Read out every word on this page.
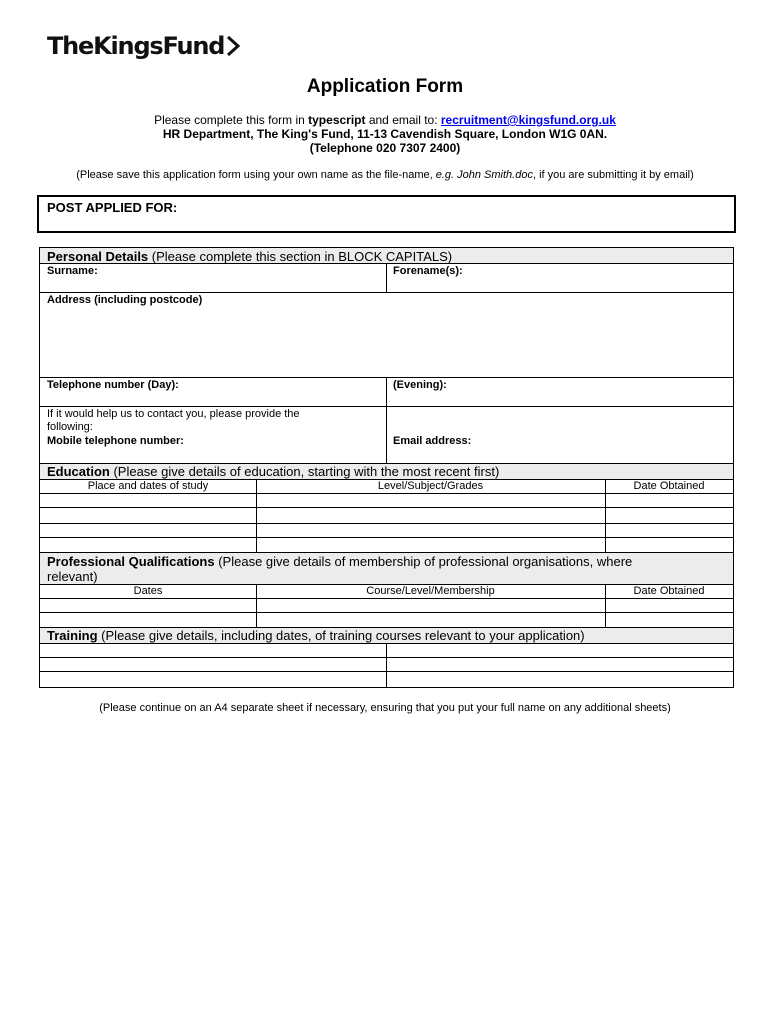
TheKingsFund
Application Form
Please complete this form in typescript and email to: recruitment@kingsfund.org.uk
HR Department, The King's Fund, 11-13 Cavendish Square, London W1G 0AN.
(Telephone 020 7307 2400)
(Please save this application form using your own name as the file-name, e.g. John Smith.doc, if you are submitting it by email)
POST APPLIED FOR:
Personal Details (Please complete this section in BLOCK CAPITALS)
Surname:	Forename(s):
Address (including postcode)
Telephone number (Day):	(Evening):
If it would help us to contact you, please provide the
following:
Mobile telephone number:	Email address:
Education (Please give details of education, starting with the most recent first)
Place and dates of study	Level/Subject/Grades	Date Obtained
Professional Qualifications (Please give details of membership of professional organisations, where
relevant)
Dates	Course/Level/Membership	Date Obtained
Training (Please give details, including dates, of training courses relevant to your application)
(Please continue on an A4 separate sheet if necessary, ensuring that you put your full name on any additional sheets)
